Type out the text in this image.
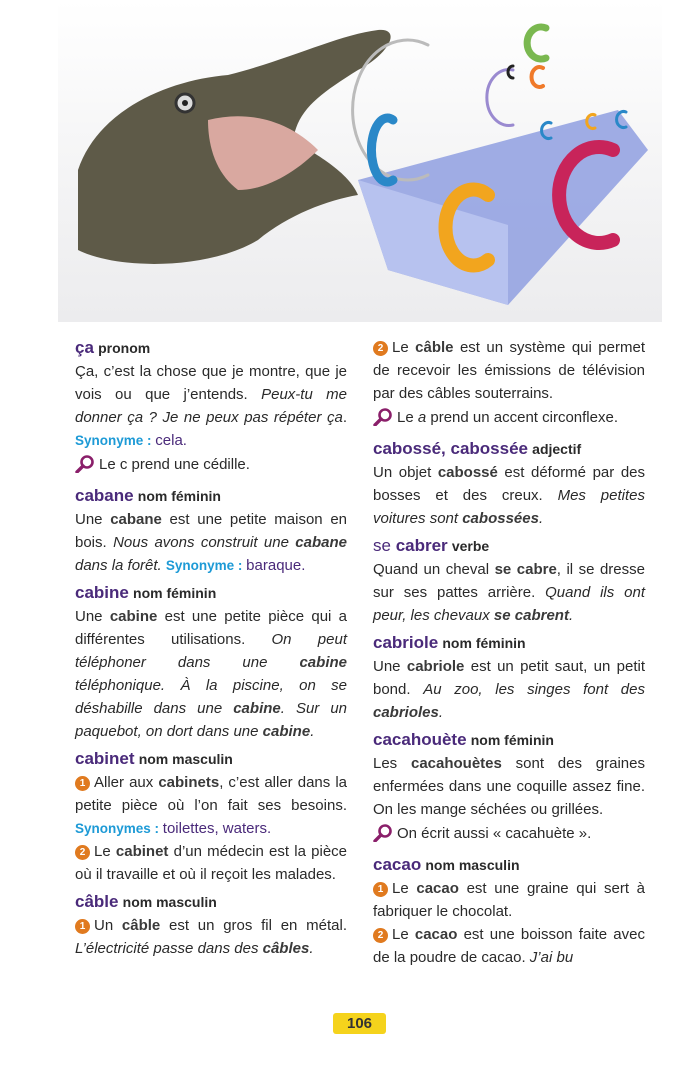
ça pronom

Ça, c’est la chose que je montre, que je vois ou que j’entends. Peux-tu me donner ça ? Je ne peux pas répéter ça. Synonyme : cela.

Le c prend une cédille.

cabane nom féminin

Une cabane est une petite maison en bois. Nous avons construit une cabane dans la forêt. Synonyme : baraque.

cabine nom féminin

Une cabine est une petite pièce qui a différentes utilisations. On peut téléphoner dans une cabine téléphonique. À la piscine, on se déshabille dans une cabine. Sur un paquebot, on dort dans une cabine.

cabinet nom masculin

1 Aller aux cabinets, c’est aller dans la petite pièce où l’on fait ses besoins. Synonymes : toilettes, waters.

2 Le cabinet d’un médecin est la pièce où il travaille et où il reçoit les malades.

câble nom masculin

1 Un câble est un gros fil en métal. L’électricité passe dans des câbles.

2 Le câble est un système qui permet de recevoir les émissions de télévision par des câbles souterrains.

Le a prend un accent circonflexe.

cabossé, cabossée adjectif

Un objet cabossé est déformé par des bosses et des creux. Mes petites voitures sont cabossées.

se cabrer verbe

Quand un cheval se cabre, il se dresse sur ses pattes arrière. Quand ils ont peur, les chevaux se cabrent.

cabriole nom féminin

Une cabriole est un petit saut, un petit bond. Au zoo, les singes font des cabrioles.

cacahouète nom féminin

Les cacahouètes sont des graines enfermées dans une coquille assez fine. On les mange séchées ou grillées.

On écrit aussi « cacahuète ».

cacao nom masculin

1 Le cacao est une graine qui sert à fabriquer le chocolat.

2 Le cacao est une boisson faite avec de la poudre de cacao. J’ai bu

106
